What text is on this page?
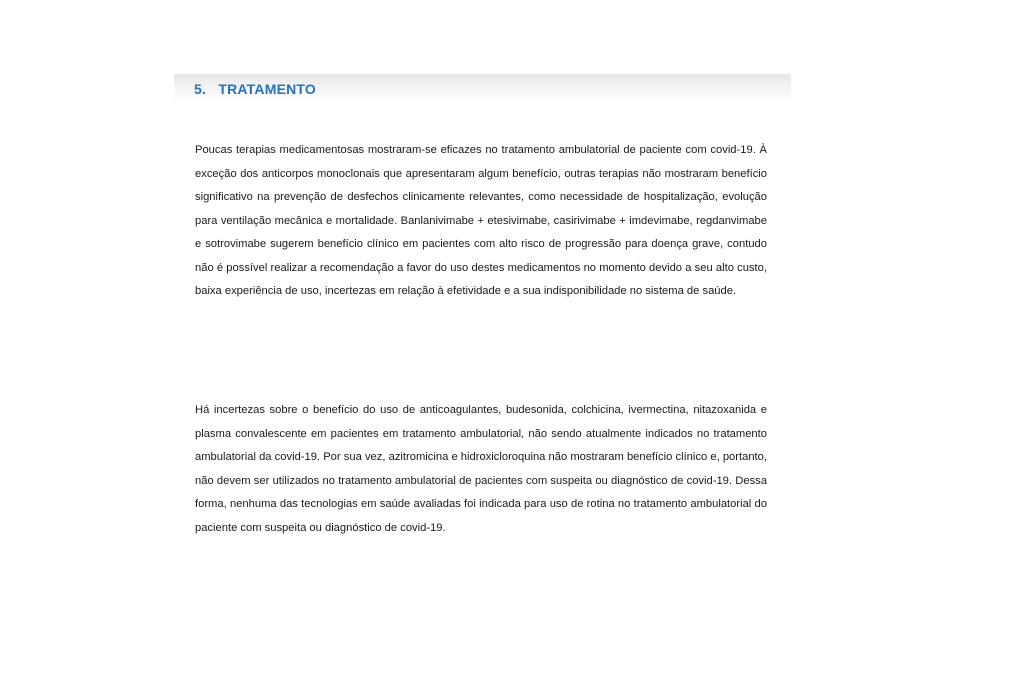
5.   TRATAMENTO

Poucas terapias medicamentosas mostraram-se eficazes no tratamento ambulatorial de paciente com covid-19. À exceção dos anticorpos monoclonais que apresentaram algum benefício, outras terapias não mostraram benefício significativo na prevenção de desfechos clinicamente relevantes, como necessidade de hospitalização, evolução para ventilação mecânica e mortalidade. Banlanivimabe + etesivimabe, casirivimabe + imdevimabe, regdanvimabe e sotrovimabe sugerem benefício clínico em pacientes com alto risco de progressão para doença grave, contudo não é possível realizar a recomendação a favor do uso destes medicamentos no momento devido a seu alto custo, baixa experiência de uso, incertezas em relação à efetividade e a sua indisponibilidade no sistema de saúde.

Há incertezas sobre o benefício do uso de anticoagulantes, budesonida, colchicina, ivermectina, nitazoxanida e plasma convalescente em pacientes em tratamento ambulatorial, não sendo atualmente indicados no tratamento ambulatorial da covid-19. Por sua vez, azitromicina e hidroxicloroquina não mostraram benefício clínico e, portanto, não devem ser utilizados no tratamento ambulatorial de pacientes com suspeita ou diagnóstico de covid-19. Dessa forma, nenhuma das tecnologias em saúde avaliadas foi indicada para uso de rotina no tratamento ambulatorial do paciente com suspeita ou diagnóstico de covid-19.
